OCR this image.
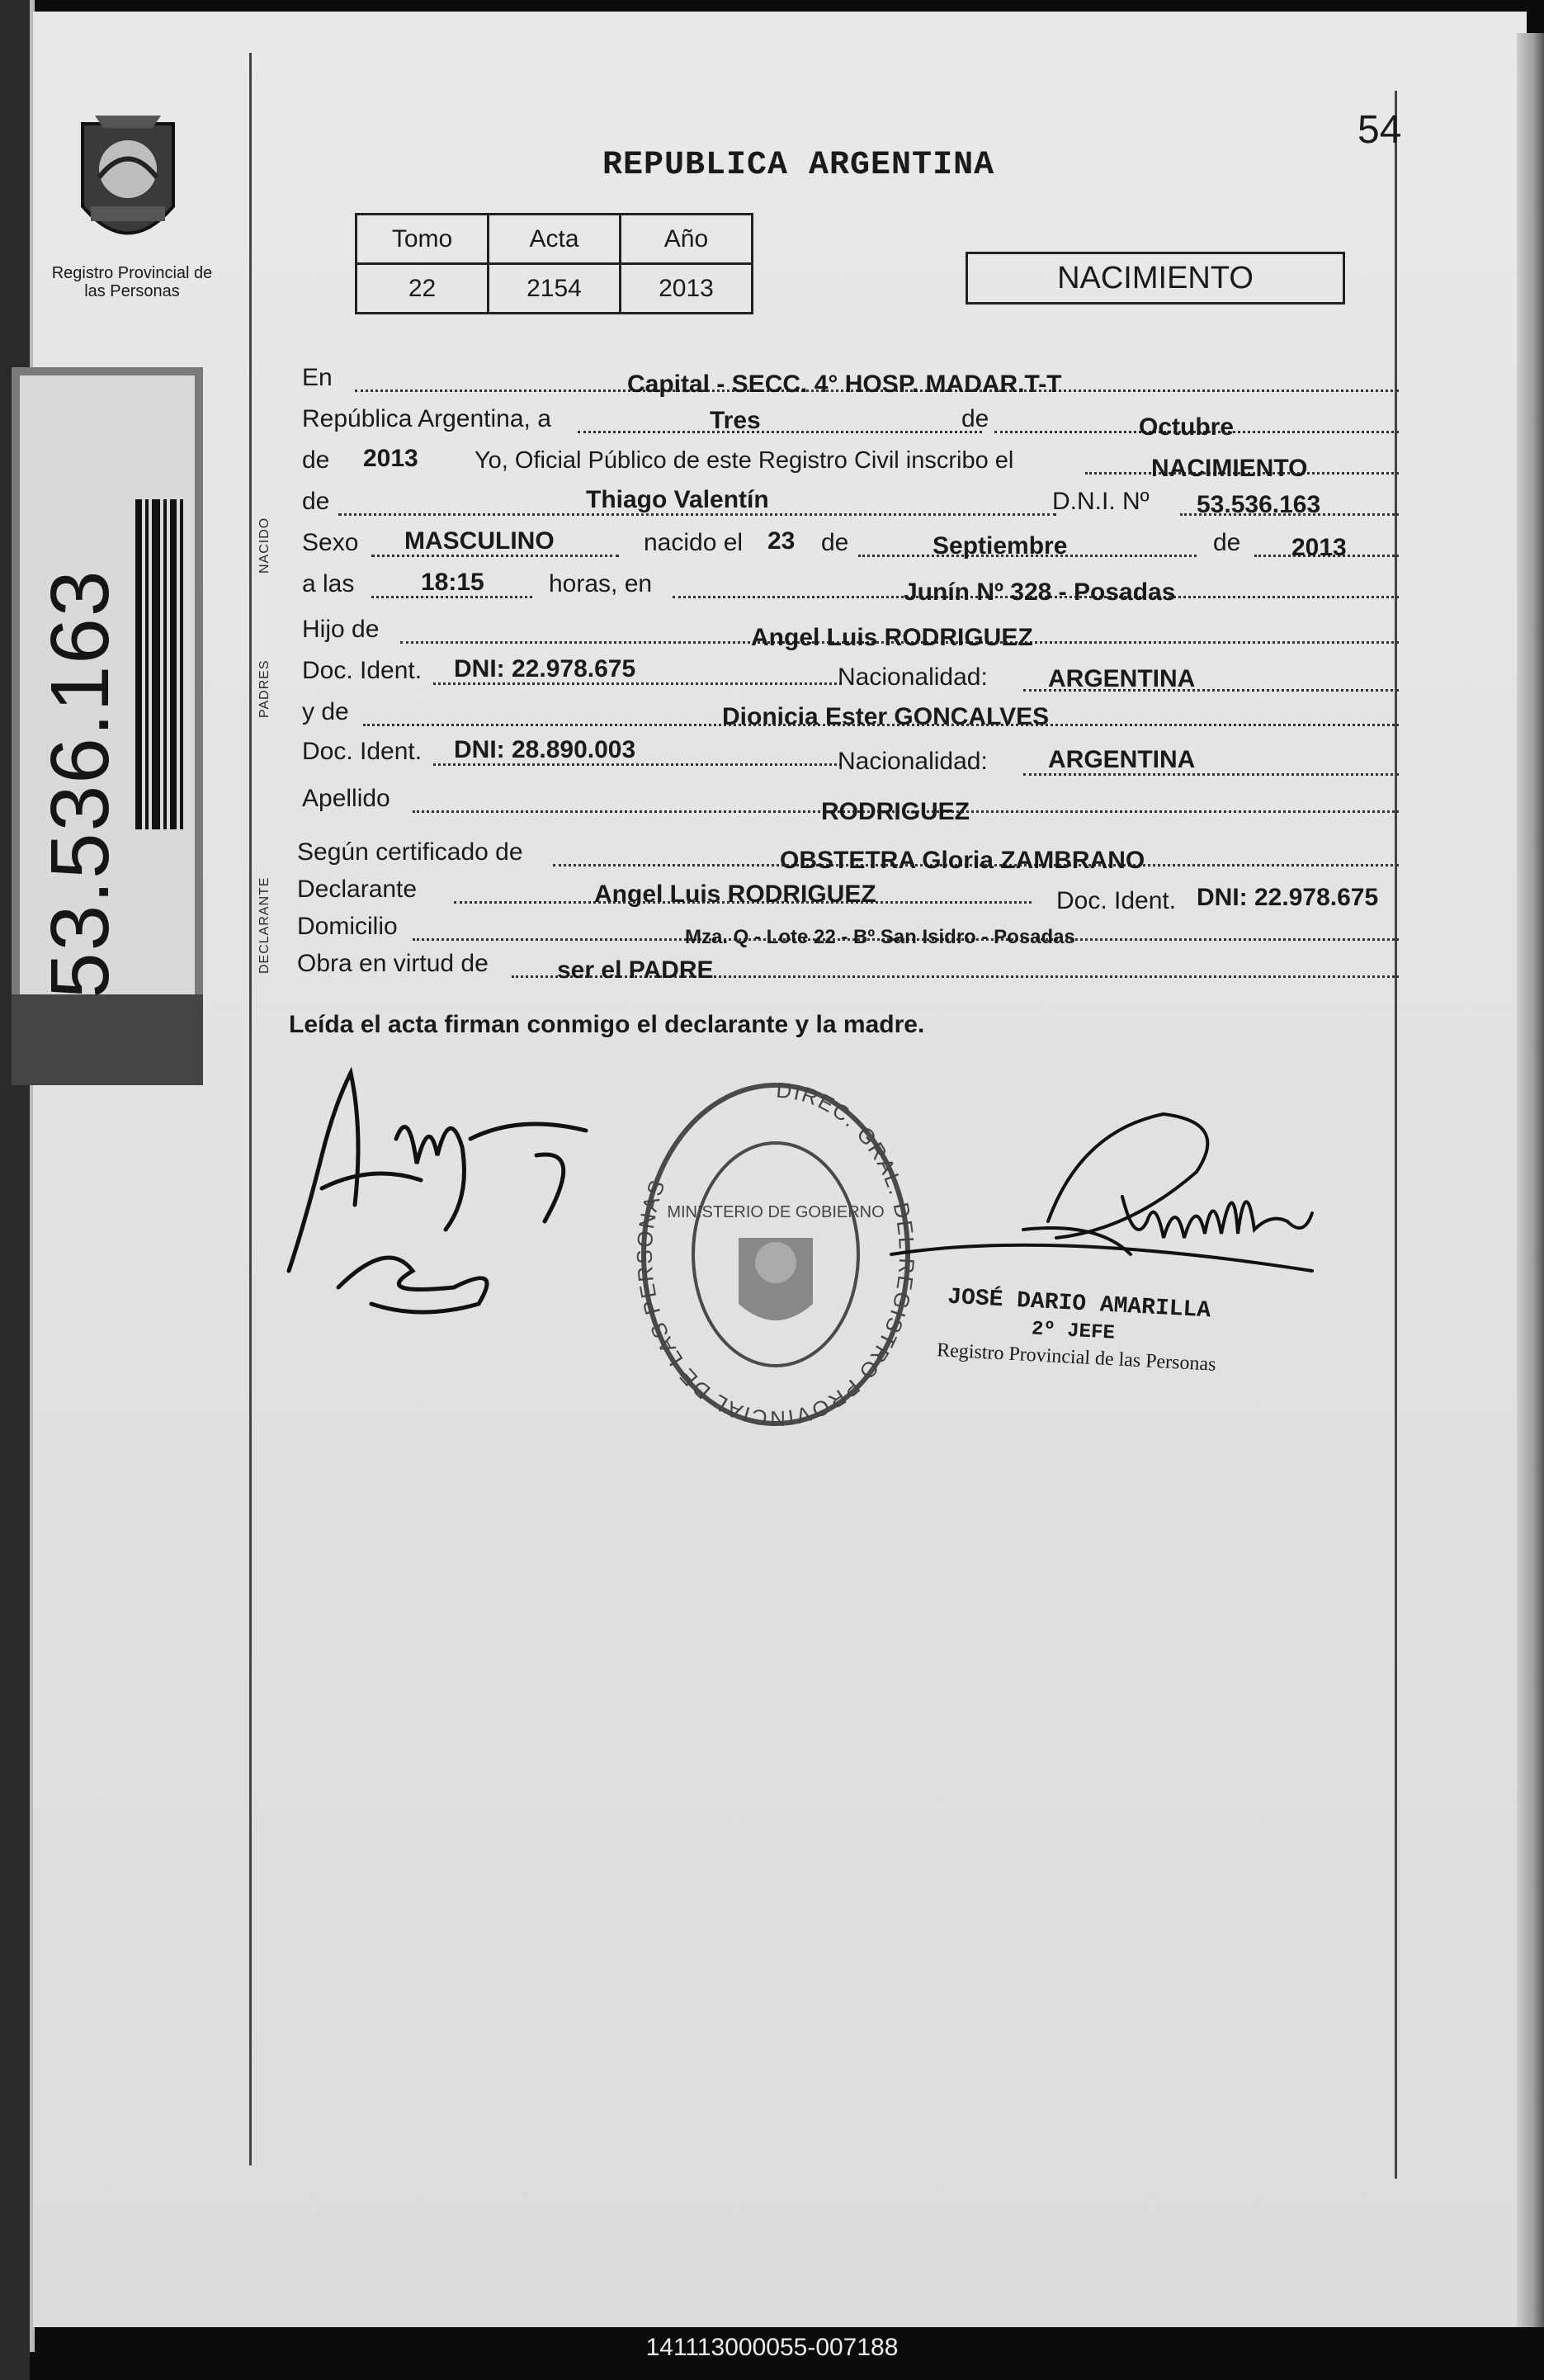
Registro Provincial de las Personas
53.536.163
54
REPUBLICA ARGENTINA
Tomo	Acta	Año
22	2154	2013	NACIMIENTO
NACIDO
PADRES
DECLARANTE
En	Capital - SECC. 4° HOSP. MADAR.T-T
República Argentina, a	Tres	de	Octubre
de 2013 Yo, Oficial Público de este Registro Civil inscribo el	NACIMIENTO
de	Thiago Valentín	D.N.I. Nº 53.536.163
Sexo MASCULINO	nacido el 23 de	Septiembre	de 2013
a las	18:15	horas, en	Junín Nº 328 - Posadas
Hijo de	Angel Luis RODRIGUEZ
Doc. Ident. DNI: 22.978.675	Nacionalidad: ARGENTINA
y de	Dionicia Ester GONCALVES
Doc. Ident. DNI: 28.890.003	Nacionalidad: ARGENTINA
Apellido	RODRIGUEZ
Según certificado de	OBSTETRA Gloria ZAMBRANO
Declarante	Angel Luis RODRIGUEZ	Doc. Ident. DNI: 22.978.675
Domicilio	Mza. Q - Lote 22 - Bº San Isidro - Posadas
Obra en virtud de	ser el PADRE
Leída el acta firman conmigo el declarante y la madre.
DIREC. GRAL. DEL REGISTRO PROVINCIAL DE LAS PERSONAS
MINISTERIO DE GOBIERNO
JOSÉ DARIO AMARILLA
2º JEFE
Registro Provincial de las Personas
141113000055-007188
